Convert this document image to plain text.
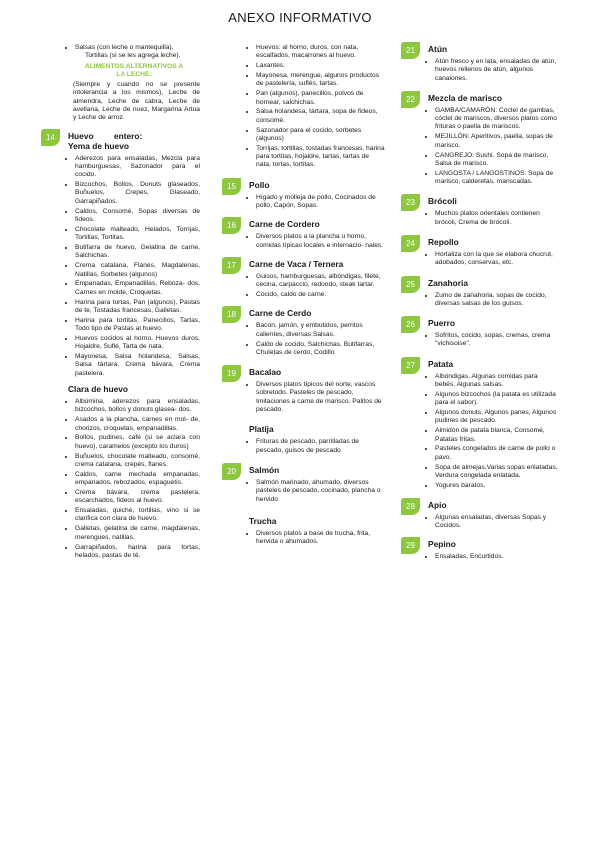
ANEXO INFORMATIVO
• Salsas (con leche o mantequilla),
Tortillas (si se les agrega leche).
ALIMENTOS ALTERNATIVOS A
LA LECHE:
(Siempre y cuando no se presente intolerancia a los mismos), Leche de almendra, Leche de cabra, Leche de avellana, Leche de nuez, Margarina Artua y Leche de arroz.
14	Huevo entero:
Yema de huevo
• Aderezos para ensaladas, Mezcla para hamburguesas, Sazonador para el cocido.
• Bizcochos, Bollos, Donuts glaseados, Buñuelos, Crepes, Glaseado, Garrapiñados.
• Caldos, Consomé, Sopas diversas de fideos.
• Chocolate malteado, Helados, Torrijas, Tortillas, Tortitas.
• Butifarra de huevo, Gelatina de carne, Salchichas.
• Crema catalana, Flanes, Magdalenas, Natillas, Sorbetes (algunos)
• Empanadas, Empanadillas, Reboza- dos, Carnes en molde, Croquetas.
• Harina para tortas, Pan (algunos), Pastas de te, Tostadas francesas, Galletas.
• Harina para tortitas, Panecillos, Tartas, Todo tipo de Pastas al huevo.
• Huevos cocidos al horno, Huevos duros, Hojaldre, Suflé, Tarta de nata.
• Mayonesa, Salsa holandesa, Salsas, Salsa tártara, Crema bávara, Crema pastelera.
Clara de huevo
• Albúmina, aderezos para ensaladas, bizcochos, bollos y donuts glasea- dos.
• Asados a la plancha, carnes en mol- de, chorizos, croquetas, empanadillas.
• Bollos, pudines, café (si se aclara con huevo), caramelos (excepto los duros)
• Buñuelos, chocolate malteado, consomé, crema catalana, crepés, flanes.
• Caldos, carne mechada empanadas, empanados, rebozados, espaguetis.
• Crema bávara, crema pastelera, escarchados, fideos al huevo.
• Ensaladas, quiché, tortillas, vino si se clarifica con clara de huevo.
• Galletas, gelatina de carne, magdalenas, merengues, natillas.
• Garrapiñados, harina para tortas, helados, pastas de té.
• Huevos: al horno, duros, con nata, escalfados, macarrones al huevo.
• Laxantes.
• Mayonesa, merengue, algunos productos de pastelería, suflés, tartas.
• Pan (algunos), panecillos, polvos de hornear, salchichas.
• Salsa holandesa, tártara, sopa de fideos, consomé.
• Sazonador para el cocido, sorbetes (algunos)
• Torrijas, tortillas, tostadas francesas, harina para tortitas, hojaldre, tartas, tartas de nata, tortas, tortitas.
15	Pollo
• Hígado y molleja de pollo, Cocinados de pollo, Capón, Sopas.
16	Carne de Cordero
• Diversos platos a la plancha u horno, comidas típicas locales e internacio- nales.
17	Carne de Vaca / Ternera
• Guisos, hamburguesas, albóndigas, filete, cecina, carpaccio, redondo, steak tartar.
• Cocido, caldo de carne.
18	Carne de Cerdo
• Bacon, jamón, y embutidos, perritos calientes, diversas Salsas.
• Caldo de cocido, Salchichas, Butifarras, Chuletas de cerdo, Codillo
19	Bacalao
• Diversos platos típicos del norte, vascos sobretodo. Pasteles de pescado, Imitaciones a carne de marisco. Palitos de pescado.
Platija
• Frituras de pescado, parrilladas de pescado, guisos de pescado
20	Salmón
• Salmón marinado, ahumado, diversos pasteles de pescado, cocinado, plancha o hervido
Trucha
• Diversos platos a base de trucha, frita, hervida o ahumados.
21	Atún
• Atún fresco y en lata, ensaladas de atún, huevos rellenos de atún, algunos canalones.
22	Mezcla de marisco
• GAMBA/CAMARÓN: Cóctel de gambas, cóctel de mariscos, diversos platos como frituras o paella de mariscos.
• MEJILLÓN: Aperitivos, paella, sopas de marisco.
• CANGREJO: Sushi. Sopa de marisco, Salsa de marisco.
• LANGOSTA / LANGOSTINOS: Sopa de marisco, calderetas, mariscadas.
23	Brócoli
• Muchos platos orientales contienen brócoli, Crema de brócoli.
24	Repollo
• Hortaliza con la que se elabora chucrut, adobados, conservas, etc.
25	Zanahoria
• Zumo de zanahoria, sopas de cocido, diversas salsas de los guisos.
26	Puerro
• Sofritos, cocido, sopas, cremas, crema "vichisoise".
27	Patata
• Albóndigas, Algunas comidas para bebés, Algunas salsas.
• Algunos bizcochos (la patata es utilizada para el sabor).
• Algunos donuts, Algunos panes, Algunos pudines de pescado.
• Almidón de patata blanca, Consomé, Patatas fritas.
• Pasteles congelados de carne de pollo o pavo.
• Sopa de almejas,Varias sopas enlatadas, Verdura congelada enlatada.
• Yogures baratos.
28	Apio
• Algunas ensaladas, diversas Sopas y Cocidos.
29	Pepino
• Ensaladas, Encurtidos.
